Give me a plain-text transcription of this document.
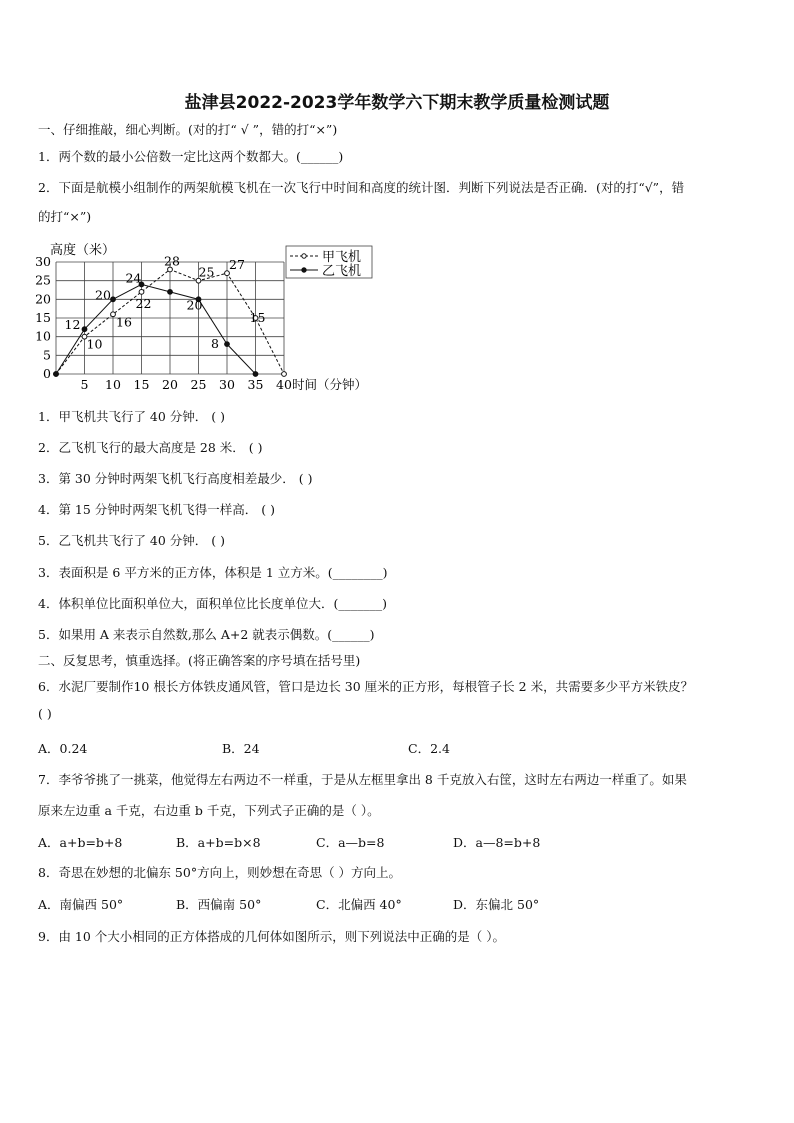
盐津县2022-2023学年数学六下期末教学质量检测试题
一、仔细推敲，细心判断。(对的打“ √ ”，错的打“×”)
1．两个数的最小公倍数一定比这两个数都大。(______)
2．下面是航模小组制作的两架航模飞机在一次飞行中时间和高度的统计图．判断下列说法是否正确．(对的打“√”，错
的打“×”)
5 10 15 20 25 30 35 40
0
5
10
15
20
25
30
高度（米）
时间（分钟）
10
16
22
28
25 27
15
12
20
24
20
8
甲飞机
乙飞机
1．甲飞机共飞行了 40 分钟． ( )
2．乙飞机飞行的最大高度是 28 米． ( )
3．第 30 分钟时两架飞机飞行高度相差最少． ( )
4．第 15 分钟时两架飞机飞得一样高． ( )
5．乙飞机共飞行了 40 分钟． ( )
3．表面积是 6 平方米的正方体，体积是 1 立方米。(________)
4．体积单位比面积单位大，面积单位比长度单位大．(_______)
5．如果用 A 来表示自然数,那么 A+2 就表示偶数。(______)
二、反复思考，慎重选择。(将正确答案的序号填在括号里)
6．水泥厂要制作10 根长方体铁皮通风管，管口是边长 30 厘米的正方形，每根管子长 2 米，共需要多少平方米铁皮？
( )
A．0.24	B．24	C．2.4
7．李爷爷挑了一挑菜，他觉得左右两边不一样重，于是从左框里拿出 8 千克放入右筐，这时左右两边一样重了。如果
原来左边重 a 千克，右边重 b 千克，下列式子正确的是（ ）。
A．a+b=b+8	B．a+b=b×8	C．a—b=8	D．a—8=b+8
8．奇思在妙想的北偏东 50°方向上，则妙想在奇思（ ）方向上。
A．南偏西 50°	B．西偏南 50°	C．北偏西 40°	D．东偏北 50°
9．由 10 个大小相同的正方体搭成的几何体如图所示，则下列说法中正确的是（ ）。
